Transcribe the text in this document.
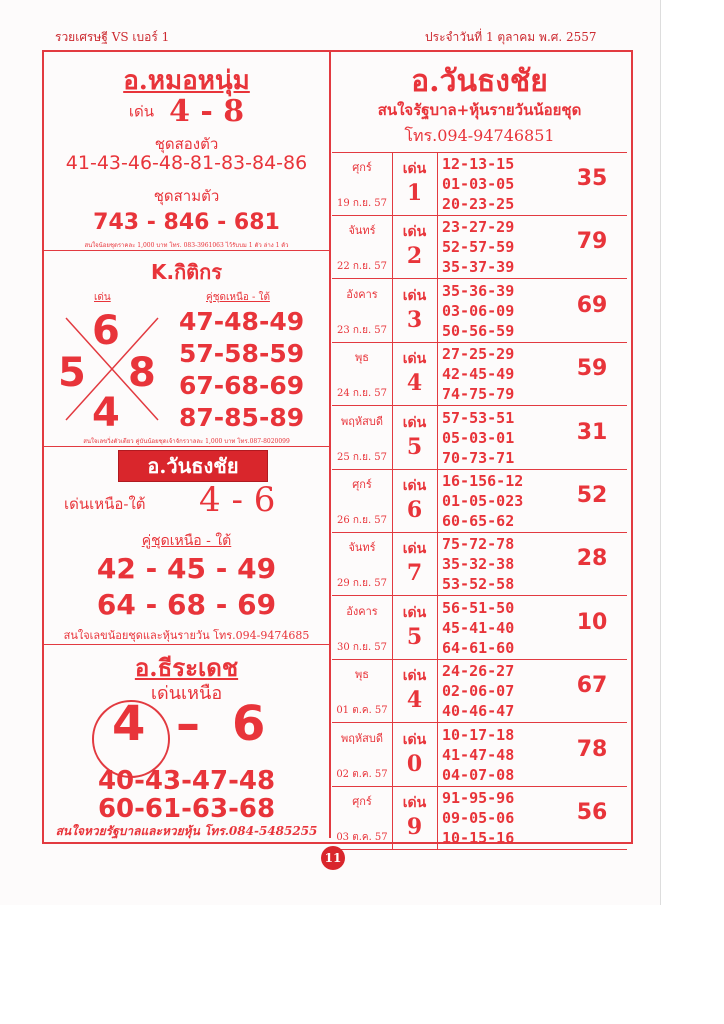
รวยเศรษฐี VS เบอร์ 1	ประจำวันที่ 1 ตุลาคม พ.ศ. 2557
อ.หมอหนุ่ม
เด่น 4 - 8
ชุดสองตัว
41-43-46-48-81-83-84-86
ชุดสามตัว
743 - 846 - 681
สนใจน้อยชุดราคละ 1,000 บาท โทร. 083-3961063 ไว้รับบม 1 ตัว ล่าง 1 ตัว
K.กิติกร
เด่น	คู่ชุดเหนือ - ใต้
6
5 8
4
47-48-49
57-58-59
67-68-69
87-85-89
สนใจเลขวิ่งตัวเดียว คู่บันน้อยชุดเจ้าจักรวาลละ 1,000 บาท โทร.087-8020099
อ.วันธงชัย
เด่นเหนือ-ใต้ 4 - 6
คู่ชุดเหนือ - ใต้
42 - 45 - 49
64 - 68 - 69
สนใจเลขน้อยชุดและหุ้นรายวัน โทร.094-9474685
อ.ธีระเดช
เด่นเหนือ
4 – 6
40-43-47-48
60-61-63-68
สนใจหวยรัฐบาลและหวยหุ้น โทร.084-5485255
อ.วันธงชัย
สนใจรัฐบาล+หุ้นรายวันน้อยชุด
โทร.094-94746851
ศุกร์
19 ก.ย. 57
เด่น
1
12-13-15
01-03-05
20-23-25
35
จันทร์
22 ก.ย. 57
เด่น
2
23-27-29
52-57-59
35-37-39
79
อังคาร
23 ก.ย. 57
เด่น
3
35-36-39
03-06-09
50-56-59
69
พุธ
24 ก.ย. 57
เด่น
4
27-25-29
42-45-49
74-75-79
59
พฤหัสบดี
25 ก.ย. 57
เด่น
5
57-53-51
05-03-01
70-73-71
31
ศุกร์
26 ก.ย. 57
เด่น
6
16-156-12
01-05-023
60-65-62
52
จันทร์
29 ก.ย. 57
เด่น
7
75-72-78
35-32-38
53-52-58
28
อังคาร
30 ก.ย. 57
เด่น
5
56-51-50
45-41-40
64-61-60
10
พุธ
01 ต.ค. 57
เด่น
4
24-26-27
02-06-07
40-46-47
67
พฤหัสบดี
02 ต.ค. 57
เด่น
0
10-17-18
41-47-48
04-07-08
78
ศุกร์
03 ต.ค. 57
เด่น
9
91-95-96
09-05-06
10-15-16
56
11
